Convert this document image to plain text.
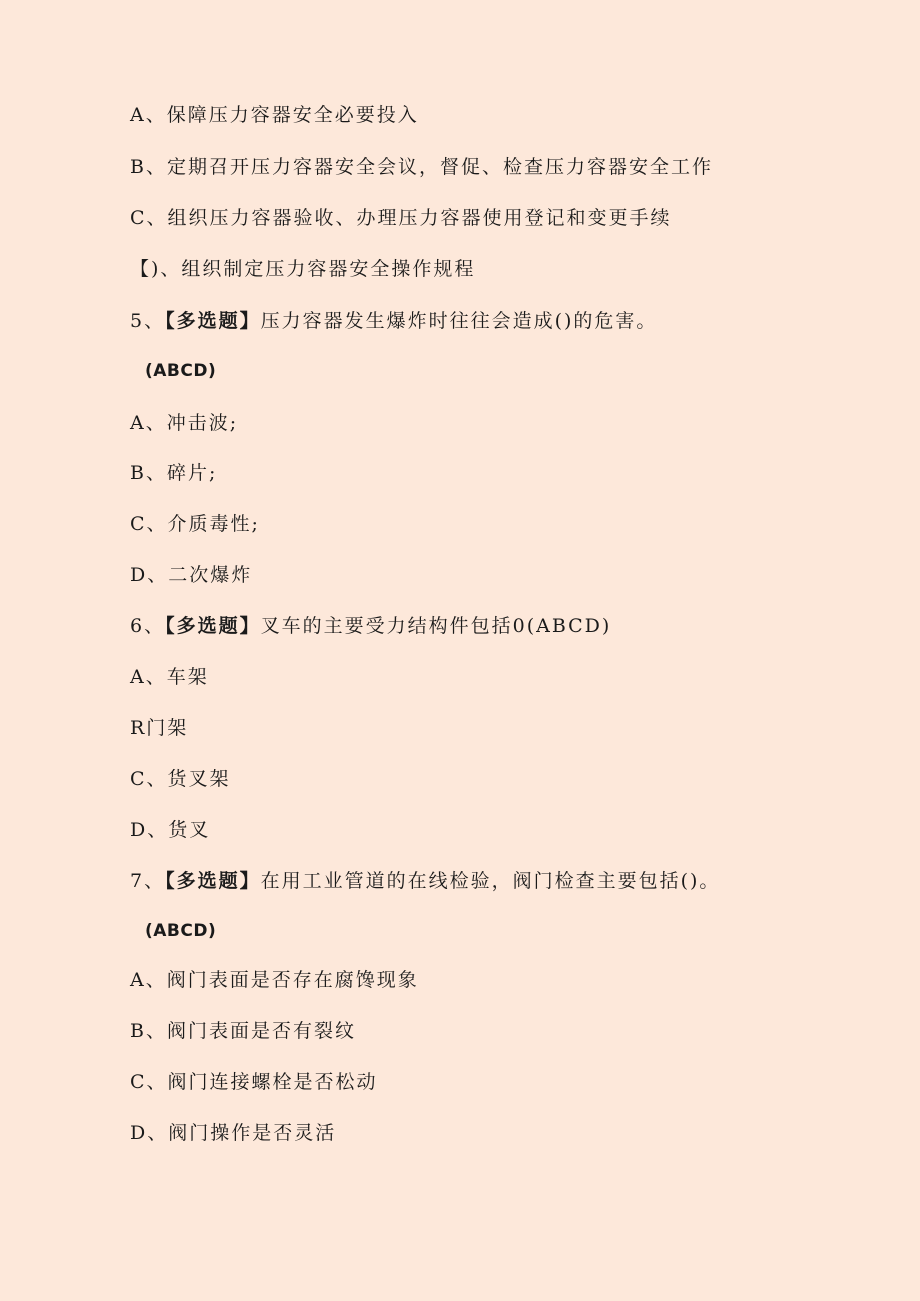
A、保障压力容器安全必要投入
B、定期召开压力容器安全会议，督促、检查压力容器安全工作
C、组织压力容器验收、办理压力容器使用登记和变更手续
【)、组织制定压力容器安全操作规程
5、【多选题】压力容器发生爆炸时往往会造成()的危害。
(ABCD)
A、冲击波;
B、碎片;
C、介质毒性;
D、二次爆炸
6、【多选题】叉车的主要受力结构件包括0(ABCD)
A、车架
R门架
C、货叉架
D、货叉
7、【多选题】在用工业管道的在线检验，阀门检查主要包括()。
(ABCD)
A、阀门表面是否存在腐馋现象
B、阀门表面是否有裂纹
C、阀门连接螺栓是否松动
D、阀门操作是否灵活
